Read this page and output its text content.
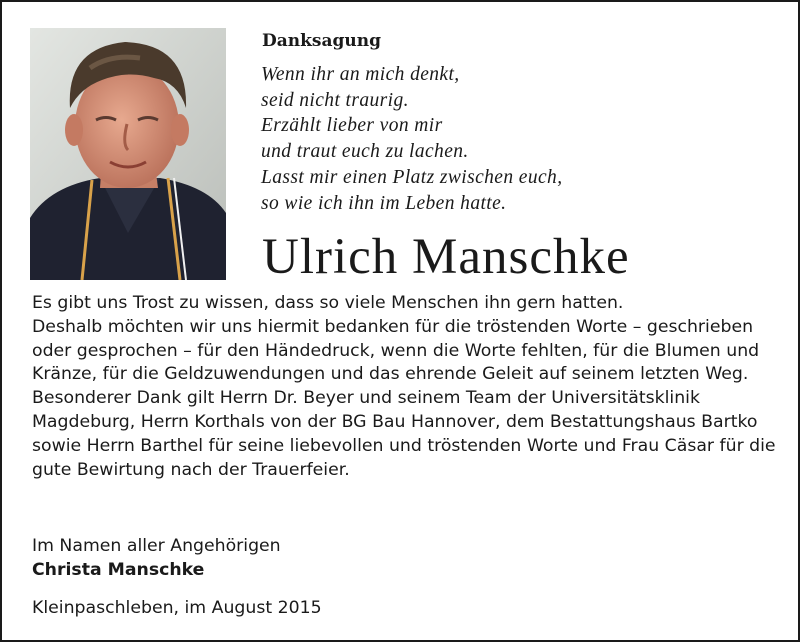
Danksagung
Wenn ihr an mich denkt,
seid nicht traurig.
Erzählt lieber von mir
und traut euch zu lachen.
Lasst mir einen Platz zwischen euch,
so wie ich ihn im Leben hatte.
Ulrich Manschke

Es gibt uns Trost zu wissen, dass so viele Menschen ihn gern hatten.

Deshalb möchten wir uns hiermit bedanken für die tröstenden Worte – geschrieben oder gesprochen – für den Händedruck, wenn die Worte fehlten, für die Blumen und Kränze, für die Geldzuwendungen und das ehrende Geleit auf seinem letzten Weg.

Besonderer Dank gilt Herrn Dr. Beyer und seinem Team der Universitätsklinik Magdeburg, Herrn Korthals von der BG Bau Hannover, dem Bestattungshaus Bartko sowie Herrn Barthel für seine liebevollen und tröstenden Worte und Frau Cäsar für die gute Bewirtung nach der Trauerfeier.

Im Namen aller Angehörigen
Christa Manschke
Kleinpaschleben, im August 2015
